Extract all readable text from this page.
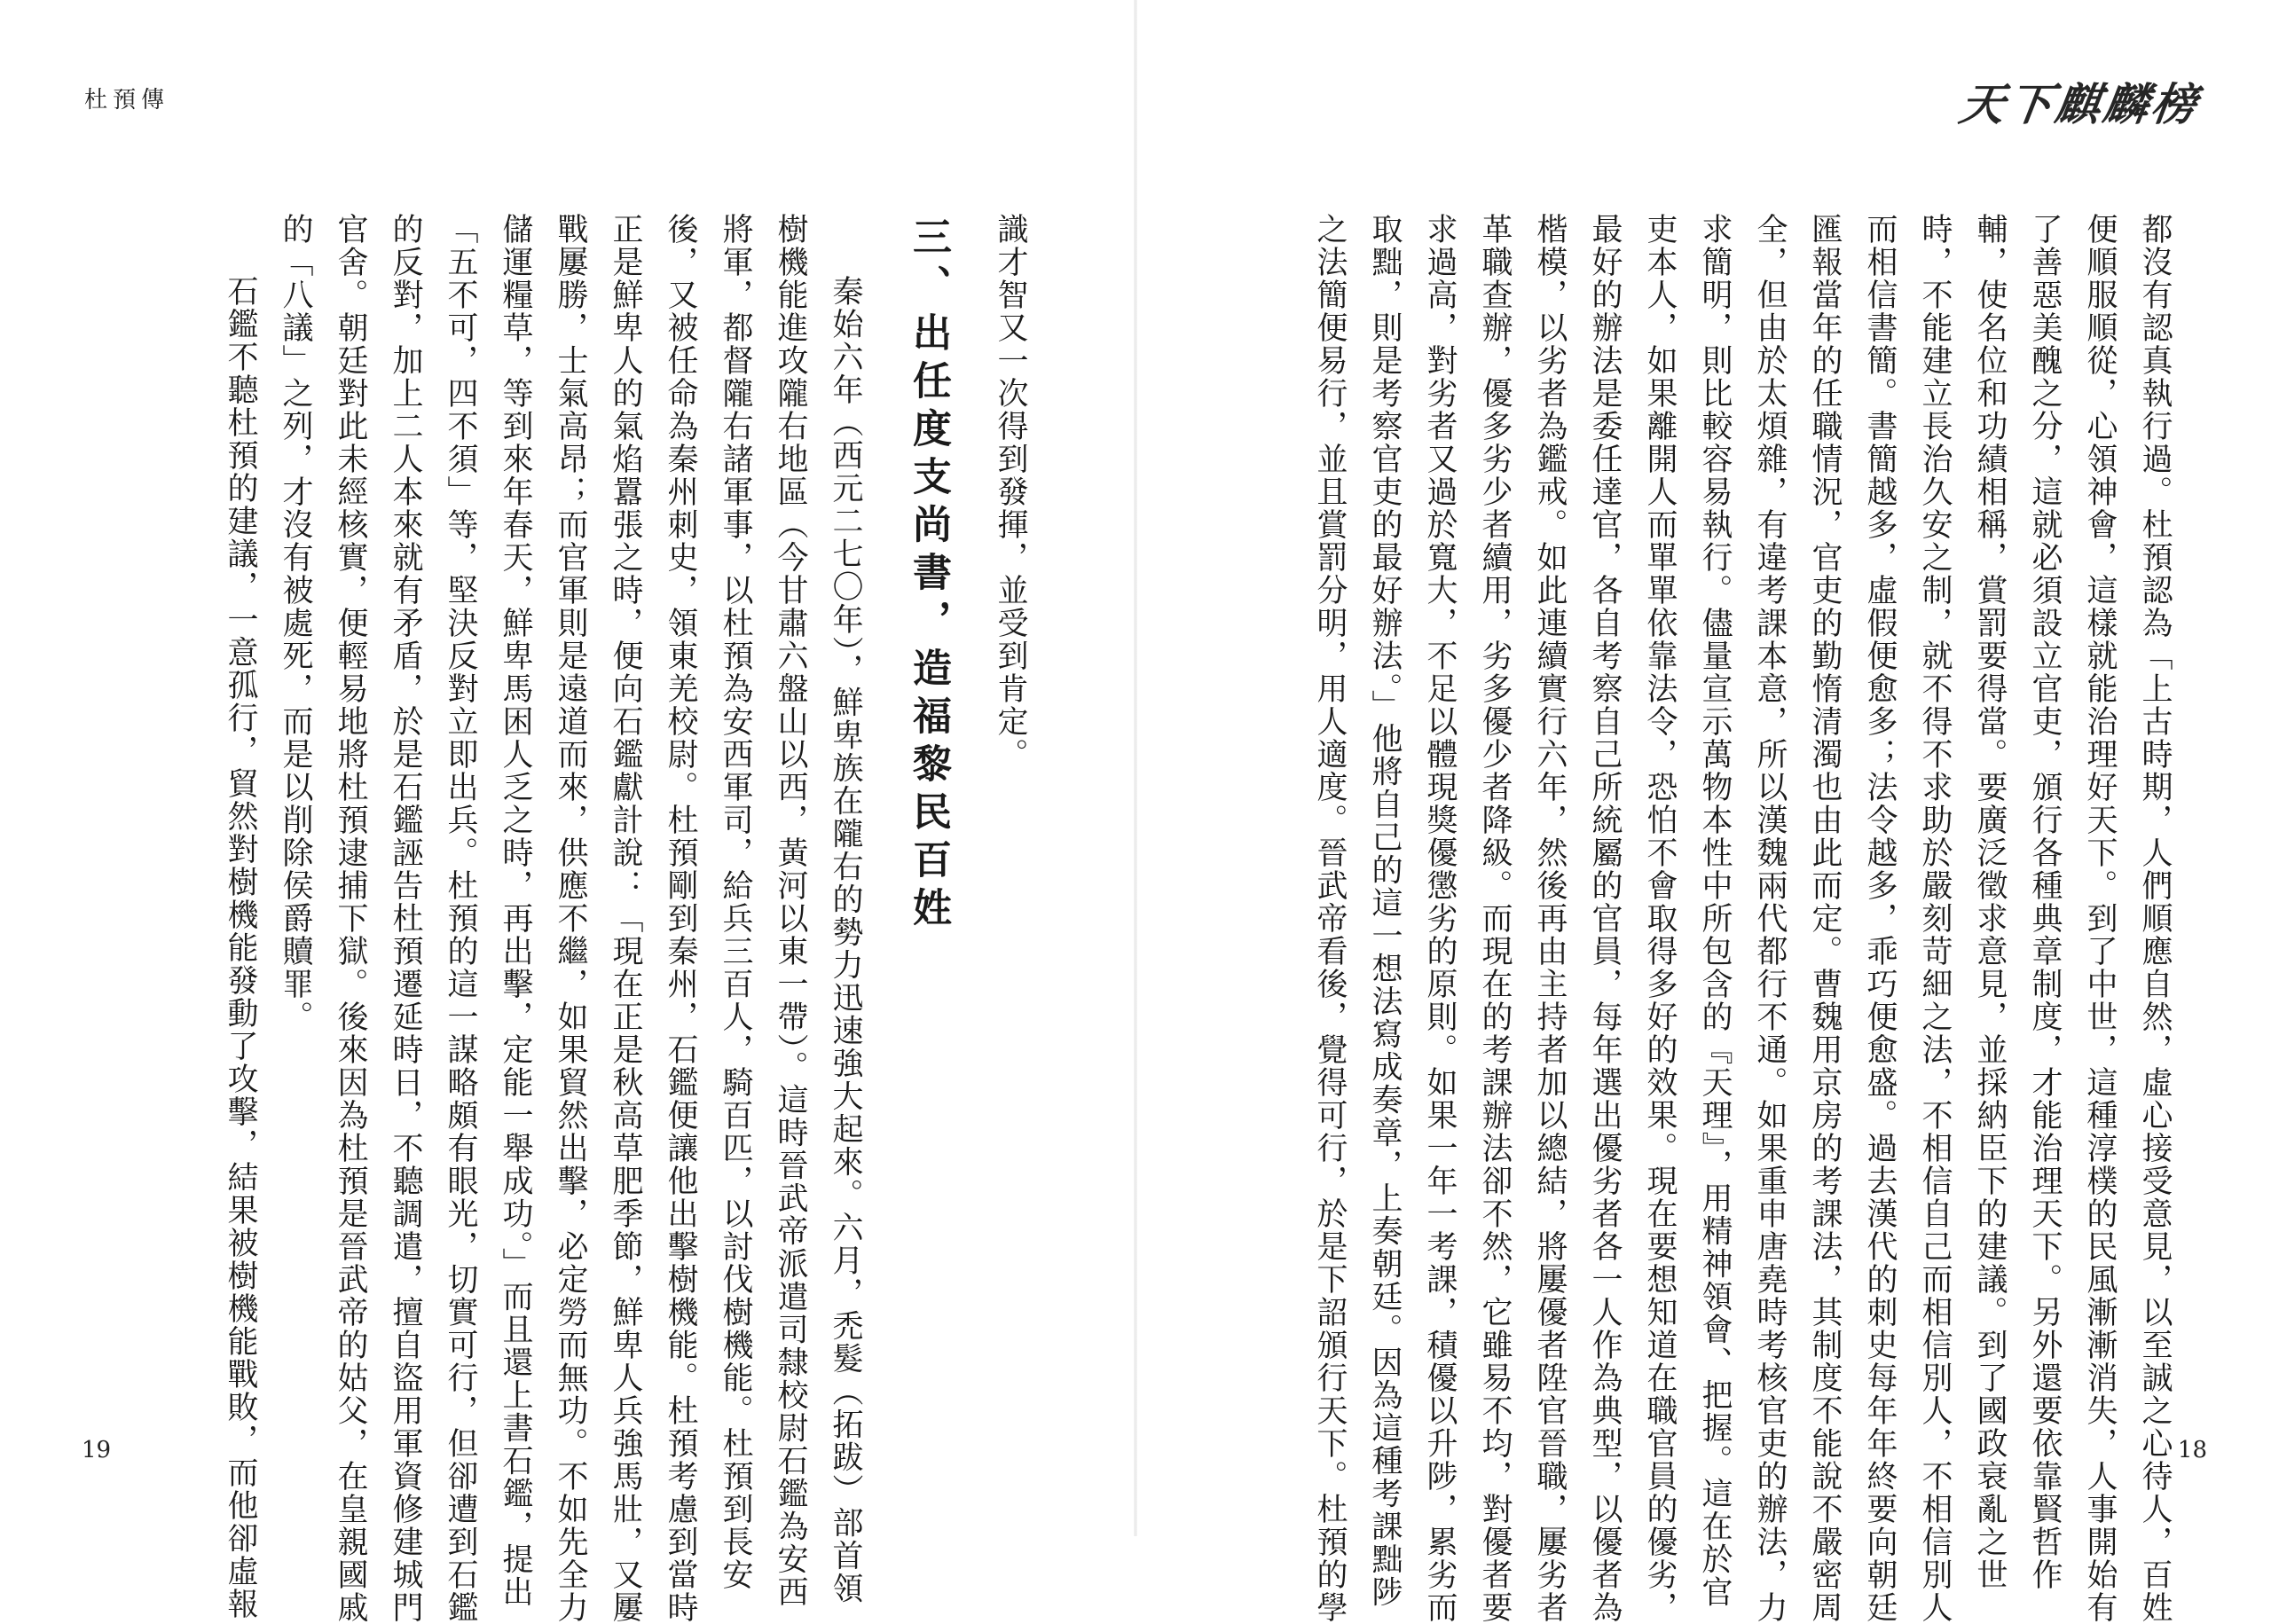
杜預傳
識才智又一次得到發揮，並受到肯定。
三、出任度支尚書，造福黎民百姓
秦始六年（西元二七〇年），鮮卑族在隴右的勢力迅速強大起來。六月，禿髮（拓跋）部首領
樹機能進攻隴右地區（今甘肅六盤山以西，黃河以東一帶）。這時晉武帝派遣司隸校尉石鑑為安西
將軍，都督隴右諸軍事，以杜預為安西軍司，給兵三百人，騎百匹，以討伐樹機能。杜預到長安
後，又被任命為秦州刺史，領東羌校尉。杜預剛到秦州，石鑑便讓他出擊樹機能。杜預考慮到當時
正是鮮卑人的氣焰囂張之時，便向石鑑獻計說：「現在正是秋高草肥季節，鮮卑人兵強馬壯，又屢
戰屢勝，士氣高昂；而官軍則是遠道而來，供應不繼，如果貿然出擊，必定勞而無功。不如先全力
儲運糧草，等到來年春天，鮮卑馬困人乏之時，再出擊，定能一舉成功。」而且還上書石鑑，提出
「五不可，四不須」等，堅決反對立即出兵。杜預的這一謀略頗有眼光，切實可行，但卻遭到石鑑
的反對，加上二人本來就有矛盾，於是石鑑誣告杜預遷延時日，不聽調遣，擅自盜用軍資修建城門
官舍。朝廷對此未經核實，便輕易地將杜預逮捕下獄。後來因為杜預是晉武帝的姑父，在皇親國戚
的「八議」之列，才沒有被處死，而是以削除侯爵贖罪。
石鑑不聽杜預的建議，一意孤行，貿然對樹機能發動了攻擊，結果被樹機能戰敗，而他卻虛報
19
天下麒麟榜
都沒有認真執行過。杜預認為「上古時期，人們順應自然，虛心接受意見，以至誠之心待人，百姓
便順服順從，心領神會，這樣就能治理好天下。到了中世，這種淳樸的民風漸漸消失，人事開始有
了善惡美醜之分，這就必須設立官吏，頒行各種典章制度，才能治理天下。另外還要依靠賢哲作
輔，使名位和功績相稱，賞罰要得當。要廣泛徵求意見，並採納臣下的建議。到了國政衰亂之世
時，不能建立長治久安之制，就不得不求助於嚴刻苛細之法，不相信自己而相信別人，不相信別人
而相信書簡。書簡越多，虛假便愈多；法令越多，乖巧便愈盛。過去漢代的刺史每年年終要向朝廷
匯報當年的任職情況，官吏的勤惰清濁也由此而定。曹魏用京房的考課法，其制度不能說不嚴密周
全，但由於太煩雜，有違考課本意，所以漢魏兩代都行不通。如果重申唐堯時考核官吏的辦法，力
求簡明，則比較容易執行。儘量宣示萬物本性中所包含的『天理』，用精神領會、把握。這在於官
吏本人，如果離開人而單單依靠法令，恐怕不會取得多好的效果。現在要想知道在職官員的優劣，
最好的辦法是委任達官，各自考察自己所統屬的官員，每年選出優劣者各一人作為典型，以優者為
楷模，以劣者為鑑戒。如此連續實行六年，然後再由主持者加以總結，將屢優者陞官晉職，屢劣者
革職查辦，優多劣少者續用，劣多優少者降級。而現在的考課辦法卻不然，它雖易不均，對優者要
求過高，對劣者又過於寬大，不足以體現獎優懲劣的原則。如果一年一考課，積優以升陟，累劣而
取黜，則是考察官吏的最好辦法。」他將自己的這一想法寫成奏章，上奏朝廷。因為這種考課黜陟
之法簡便易行，並且賞罰分明，用人適度。晉武帝看後，覺得可行，於是下詔頒行天下。杜預的學	18
